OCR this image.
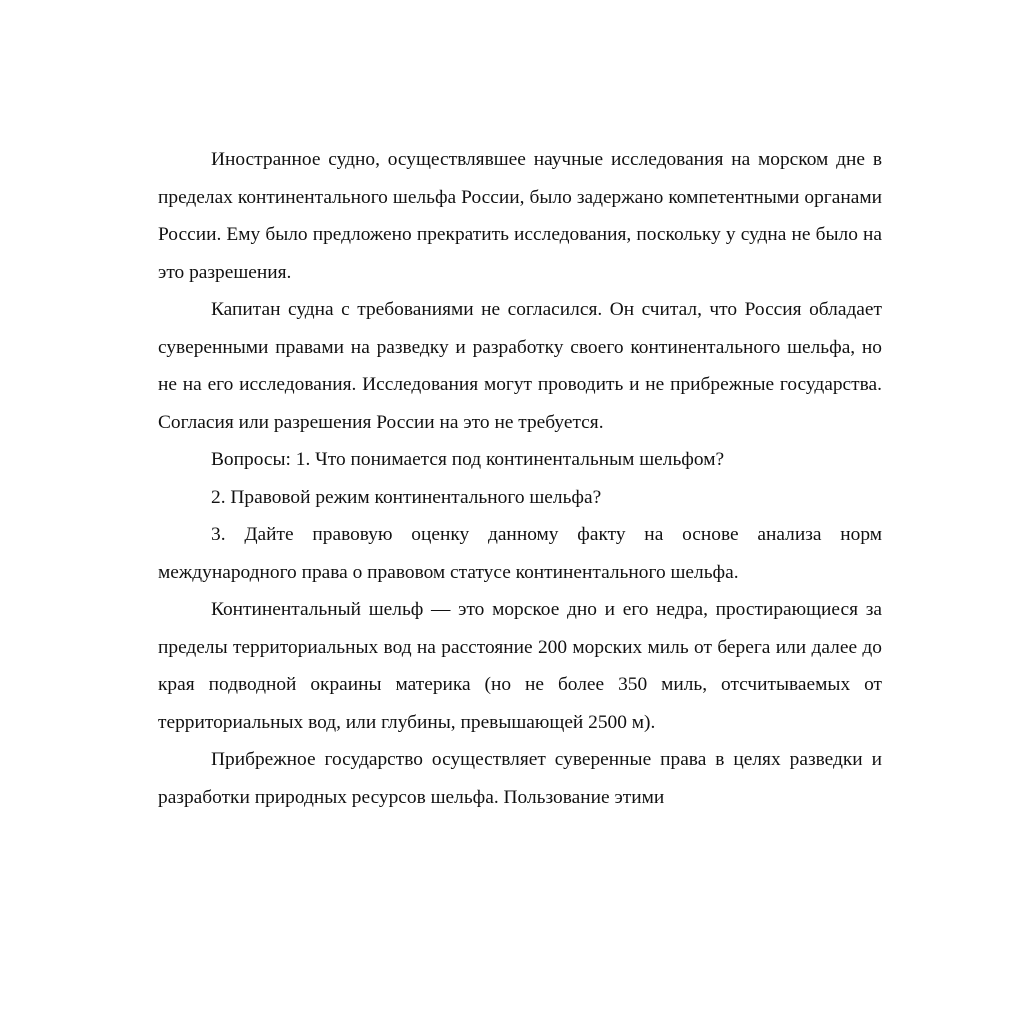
Иностранное судно, осуществлявшее научные исследования на морском дне в пределах континентального шельфа России, было задержано компетентными органами России. Ему было предложено прекратить исследования, поскольку у судна не было на это разрешения.

Капитан судна с требованиями не согласился. Он считал, что Россия обладает суверенными правами на разведку и разработку своего континентального шельфа, но не на его исследования. Исследования могут проводить и не прибрежные государства. Согласия или разрешения России на это не требуется.

Вопросы: 1. Что понимается под континентальным шельфом?

2. Правовой режим континентального шельфа?

3. Дайте правовую оценку данному факту на основе анализа норм международного права о правовом статусе континентального шельфа.

Континентальный шельф — это морское дно и его недра, простирающиеся за пределы территориальных вод на расстояние 200 морских миль от берега или далее до края подводной окраины материка (но не более 350 миль, отсчитываемых от территориальных вод, или глубины, превышающей 2500 м).

Прибрежное государство осуществляет суверенные права в целях разведки и разработки природных ресурсов шельфа. Пользование этими
